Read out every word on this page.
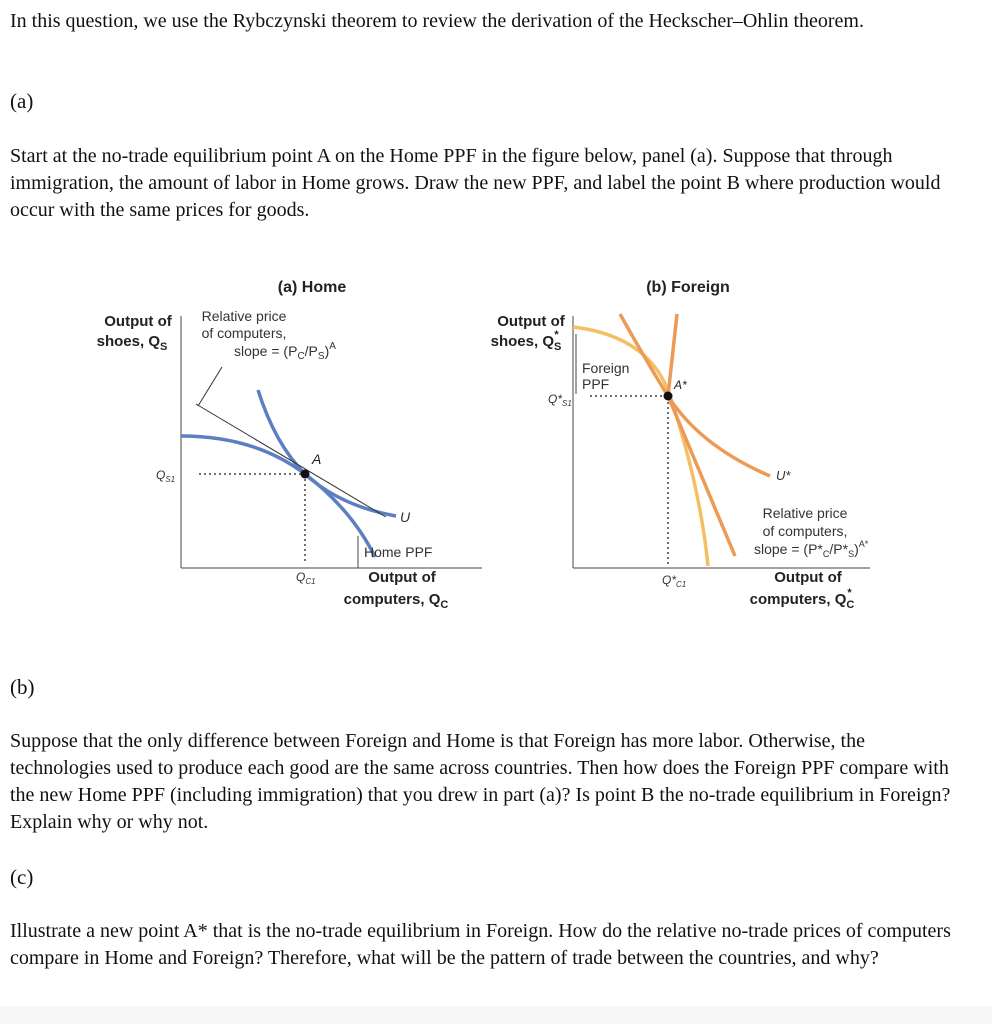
In this question, we use the Rybczynski theorem to review the derivation of the Heckscher–Ohlin theorem.
(a)
Start at the no-trade equilibrium point A on the Home PPF in the figure below, panel (a). Suppose that through immigration, the amount of labor in Home grows. Draw the new PPF, and label the point B where production would occur with the same prices for goods.
(a) Home
Output of
shoes, $Q_S$
Relative price
of computers,
slope = $(P_C/P_S)^A$
A
$Q_{S1}$
$Q_{C1}$
U
Home PPF
Output of
computers, $Q_C$
(b) Foreign
Output of
shoes, $Q_S*$
A*
Foreign
PPF
$Q*_{S1}$
$Q*_{C1}$
U*
Relative price
of computers,
slope = $(P*_C/P*_S)^{A*}$
Output of
computers, $Q_C*$
(b)
Suppose that the only difference between Foreign and Home is that Foreign has more labor. Otherwise, the technologies used to produce each good are the same across countries. Then how does the Foreign PPF compare with the new Home PPF (including immigration) that you drew in part (a)? Is point B the no-trade equilibrium in Foreign? Explain why or why not.
(c)
Illustrate a new point A* that is the no-trade equilibrium in Foreign. How do the relative no-trade prices of computers compare in Home and Foreign? Therefore, what will be the pattern of trade between the countries, and why?
